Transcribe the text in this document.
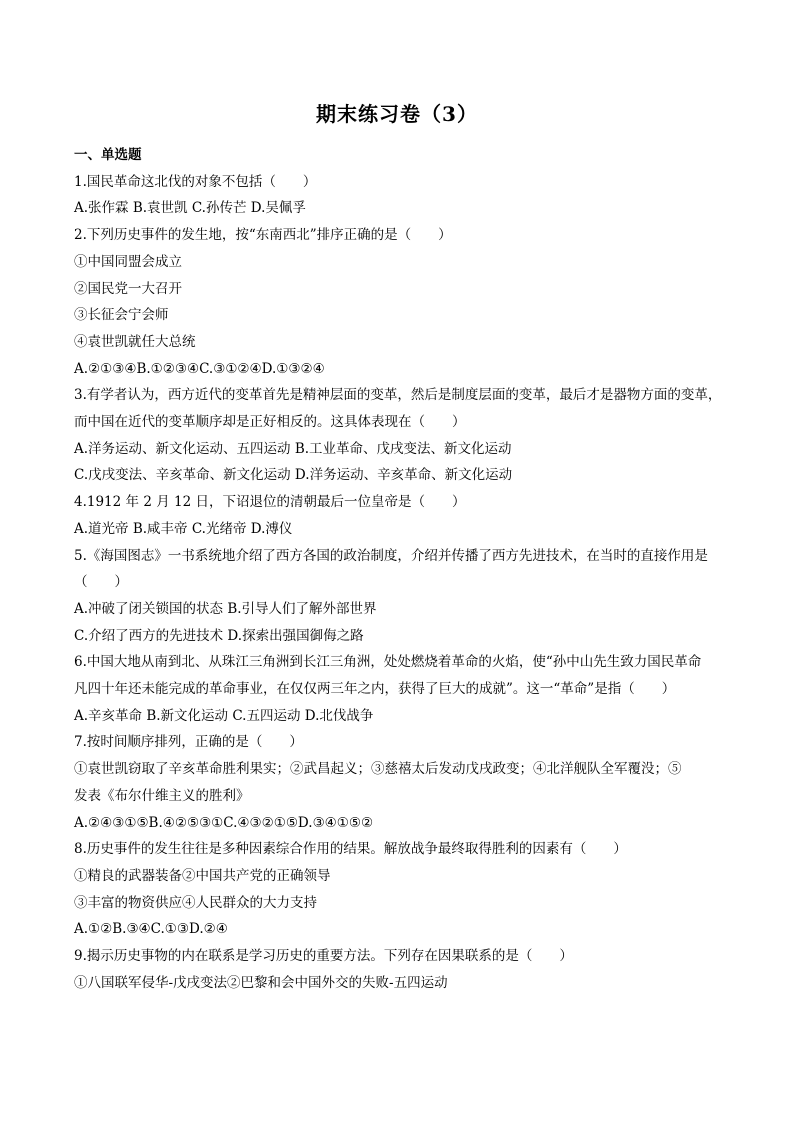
期末练习卷（3）
一、单选题
1.国民革命这北伐的对象不包括（　　）
A.张作霖 B.袁世凯 C.孙传芒 D.吴佩孚
2.下列历史事件的发生地，按“东南西北”排序正确的是（　　）
①中国同盟会成立
②国民党一大召开
③长征会宁会师
④袁世凯就任大总统
A.②①③④B.①②③④C.③①②④D.①③②④
3.有学者认为，西方近代的变革首先是精神层面的变革，然后是制度层面的变革，最后才是器物方面的变革，
而中国在近代的变革顺序却是正好相反的。这具体表现在（　　）
A.洋务运动、新文化运动、五四运动 B.工业革命、戊戌变法、新文化运动
C.戊戌变法、辛亥革命、新文化运动 D.洋务运动、辛亥革命、新文化运动
4.1912 年 2 月 12 日，下诏退位的清朝最后一位皇帝是（　　）
A.道光帝 B.咸丰帝 C.光绪帝 D.溥仪
5.《海国图志》一书系统地介绍了西方各国的政治制度，介绍并传播了西方先进技术，在当时的直接作用是
（　　）
A.冲破了闭关锁国的状态 B.引导人们了解外部世界
C.介绍了西方的先进技术 D.探索出强国御侮之路
6.中国大地从南到北、从珠江三角洲到长江三角洲，处处燃烧着革命的火焰，使“孙中山先生致力国民革命
凡四十年还未能完成的革命事业，在仅仅两三年之内，获得了巨大的成就”。这一“革命”是指（　　）
A.辛亥革命 B.新文化运动 C.五四运动 D.北伐战争
7.按时间顺序排列，正确的是（　　）
①袁世凯窃取了辛亥革命胜利果实；②武昌起义；③慈禧太后发动戊戌政变；④北洋舰队全军覆没；⑤
发表《布尔什维主义的胜利》
A.②④③①⑤B.④②⑤③①C.④③②①⑤D.③④①⑤②
8.历史事件的发生往往是多种因素综合作用的结果。解放战争最终取得胜利的因素有（　　）
①精良的武器装备②中国共产党的正确领导
③丰富的物资供应④人民群众的大力支持
A.①②B.③④C.①③D.②④
9.揭示历史事物的内在联系是学习历史的重要方法。下列存在因果联系的是（　　）
①八国联军侵华-戊戌变法②巴黎和会中国外交的失败-五四运动
